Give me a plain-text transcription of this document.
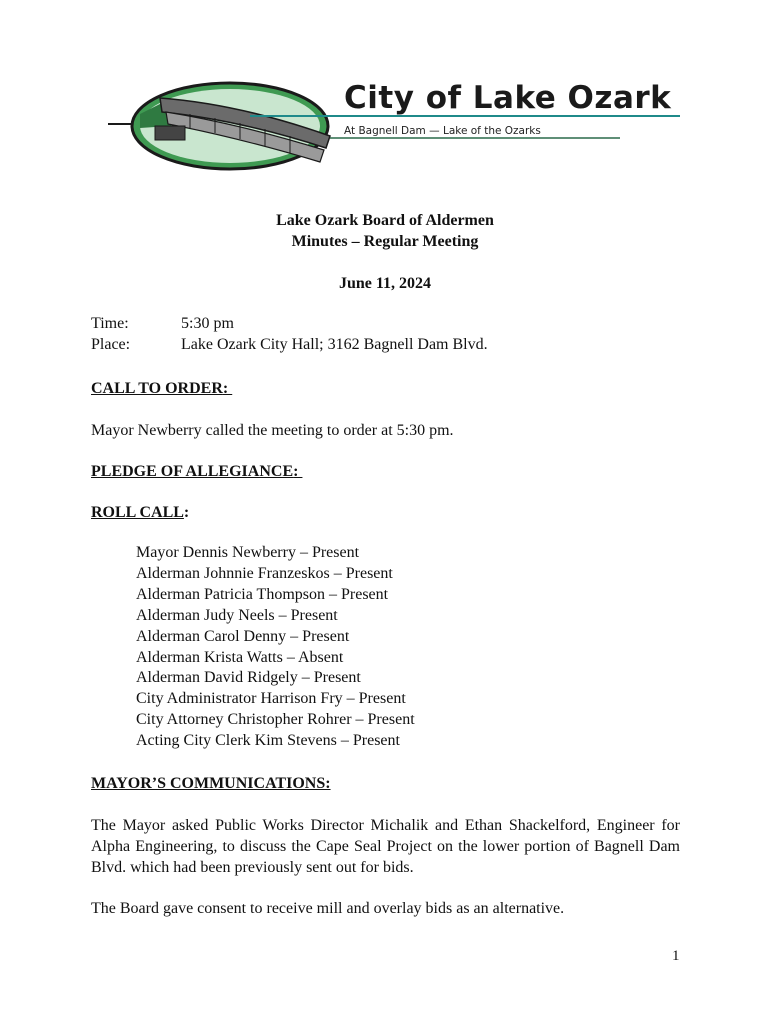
City of Lake Ozark
At Bagnell Dam — Lake of the Ozarks
Lake Ozark Board of Aldermen
Minutes – Regular Meeting
June 11, 2024
Time:	5:30 pm
Place:	Lake Ozark City Hall; 3162 Bagnell Dam Blvd.
CALL TO ORDER:
Mayor Newberry called the meeting to order at 5:30 pm.
PLEDGE OF ALLEGIANCE:
ROLL CALL:
Mayor Dennis Newberry – Present
Alderman Johnnie Franzeskos – Present
Alderman Patricia Thompson – Present
Alderman Judy Neels – Present
Alderman Carol Denny – Present
Alderman Krista Watts – Absent
Alderman David Ridgely – Present
City Administrator Harrison Fry – Present
City Attorney Christopher Rohrer – Present
Acting City Clerk Kim Stevens – Present
MAYOR’S COMMUNICATIONS:
The Mayor asked Public Works Director Michalik and Ethan Shackelford, Engineer for Alpha Engineering, to discuss the Cape Seal Project on the lower portion of Bagnell Dam Blvd. which had been previously sent out for bids.
The Board gave consent to receive mill and overlay bids as an alternative.
1
